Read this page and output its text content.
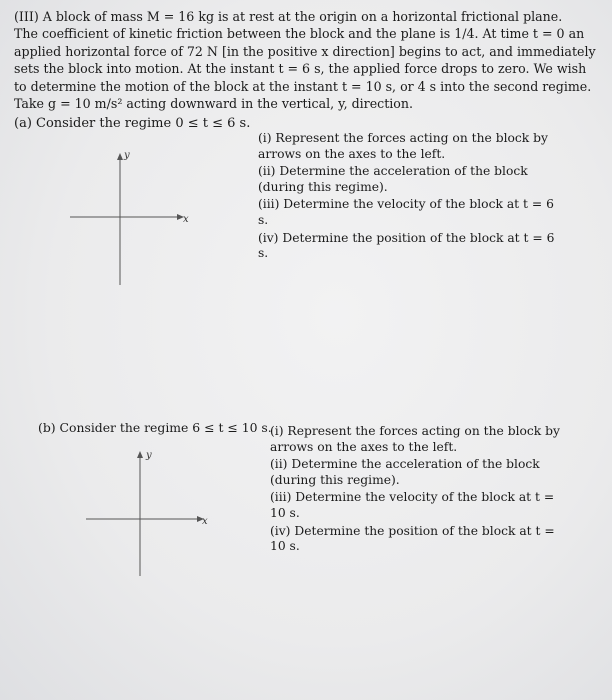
(III) A block of mass M = 16 kg is at rest at the origin on a horizontal frictional plane.

The coefficient of kinetic friction between the block and the plane is 1/4. At time t = 0 an

applied horizontal force of 72 N [in the positive x direction] begins to act, and immediately

sets the block into motion. At the instant t = 6 s, the applied force drops to zero. We wish

to determine the motion of the block at the instant t = 10 s, or 4 s into the second regime.

Take g = 10 m/s² acting downward in the vertical, y, direction.

(a) Consider the regime 0 ≤ t ≤ 6 s.
y
x
(i) Represent the forces acting on the block by arrows on the axes to the left.
(ii) Determine the acceleration of the block (during this regime).
(iii) Determine the velocity of the block at t = 6 s.
(iv) Determine the position of the block at t = 6 s.
(b) Consider the regime 6 ≤ t ≤ 10 s.
y
x
(i) Represent the forces acting on the block by arrows on the axes to the left.
(ii) Determine the acceleration of the block (during this regime).
(iii) Determine the velocity of the block at t = 10 s.
(iv) Determine the position of the block at t = 10 s.
